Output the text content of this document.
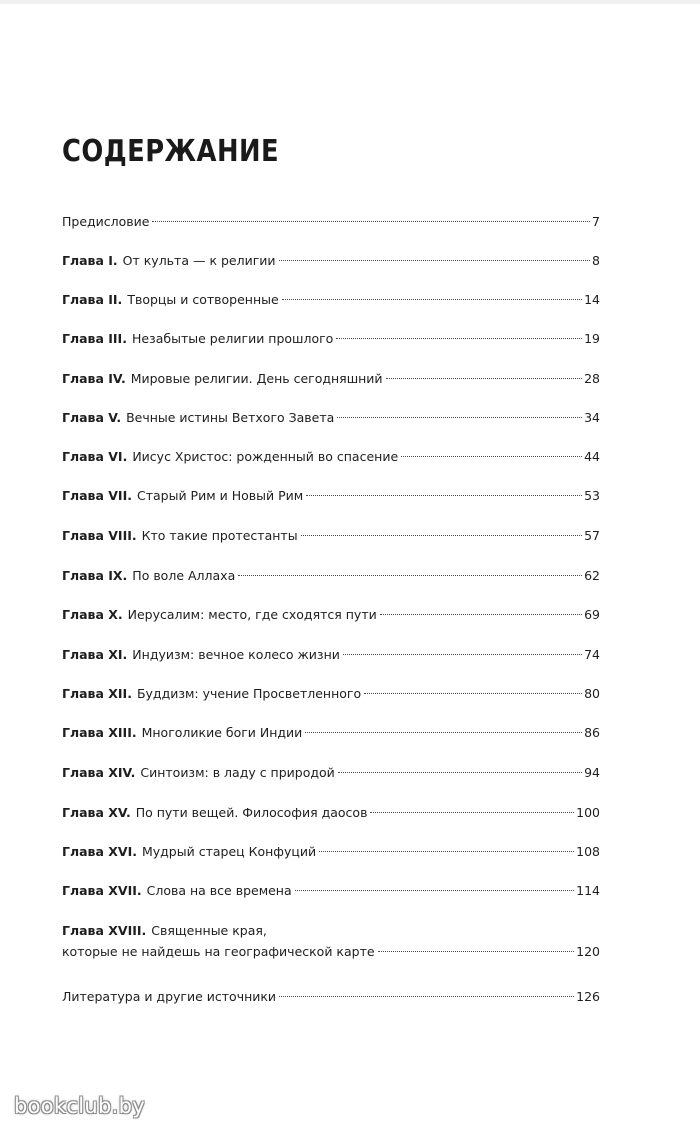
СОДЕРЖАНИЕ
Предисловие	7
Глава I. От культа — к религии	8
Глава II. Творцы и сотворенные	14
Глава III. Незабытые религии прошлого	19
Глава IV. Мировые религии. День сегодняшний	28
Глава V. Вечные истины Ветхого Завета	34
Глава VI. Иисус Христос: рожденный во спасение	44
Глава VII. Старый Рим и Новый Рим	53
Глава VIII. Кто такие протестанты	57
Глава IX. По воле Аллаха	62
Глава X. Иерусалим: место, где сходятся пути	69
Глава XI. Индуизм: вечное колесо жизни	74
Глава XII. Буддизм: учение Просветленного	80
Глава XIII. Многоликие боги Индии	86
Глава XIV. Синтоизм: в ладу с природой	94
Глава XV. По пути вещей. Философия даосов	100
Глава XVI. Мудрый старец Конфуций	108
Глава XVII. Слова на все времена	114
Глава XVIII. Священные края,
которые не найдешь на географической карте	120
Литература и другие источники	126
bookclub.by
